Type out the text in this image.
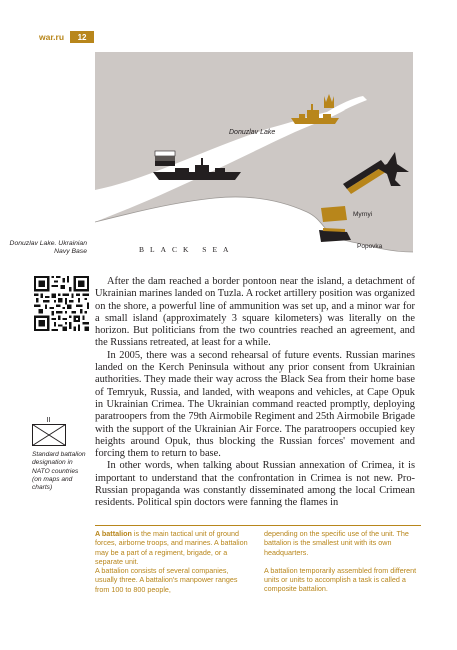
war.ru	12
Donuzlav Lake
BLACK SEA
Myrnyi
Popovka
Donuzlav Lake. Ukrainian Navy Base
II
Standard battalion designation in NATO countries (on maps and charts)

After the dam reached a border pontoon near the island, a detachment of Ukrainian marines landed on Tuzla. A rocket artillery position was organized on the shore, a powerful line of ammunition was set up, and a minor war for a small island (approximately 3 square kilometers) was literally on the horizon. But politicians from the two countries reached an agreement, and the Russians retreated, at least for a while.

In 2005, there was a second rehearsal of future events. Russian marines landed on the Kerch Peninsula without any prior consent from Ukrainian authorities. They made their way across the Black Sea from their home base of Temryuk, Russia, and landed, with weapons and vehicles, at Cape Opuk in Ukrainian Crimea. The Ukrainian command reacted promptly, deploying paratroopers from the 79th Airmobile Regiment and 25th Airmobile Brigade with the support of the Ukrainian Air Force. The paratroopers occupied key heights around Opuk, thus blocking the Russian forces' movement and forcing them to return to base.

In other words, when talking about Russian annexation of Crimea, it is important to understand that the confrontation in Crimea is not new. Pro-Russian propaganda was constantly disseminated among the local Crimean residents. Political spin doctors were fanning the flames in

A battalion is the main tactical unit of ground forces, airborne troops, and marines. A battalion may be a part of a regiment, brigade, or a separate unit.

A battalion consists of several companies, usually three. A battalion's manpower ranges from 100 to 800 people,

depending on the specific use of the unit. The battalion is the smallest unit with its own headquarters.

A battalion temporarily assembled from different units or units to accomplish a task is called a composite battalion.
